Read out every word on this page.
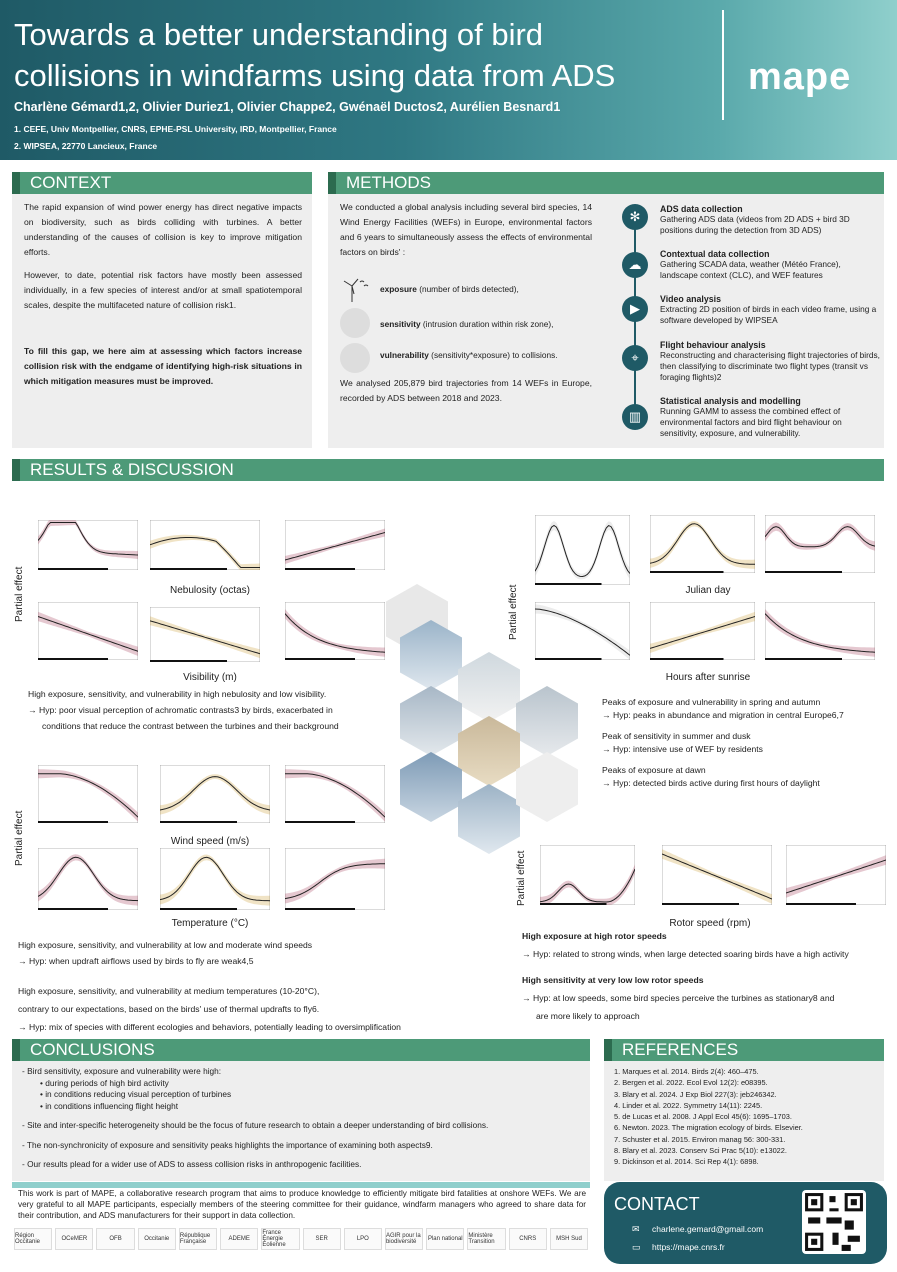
Towards a better understanding of bird
collisions in windfarms using data from ADS
Charlène Gémard1,2, Olivier Duriez1, Olivier Chappe2, Gwénaël Ductos2, Aurélien Besnard1
1. CEFE, Univ Montpellier, CNRS, EPHE-PSL University, IRD, Montpellier, France
2. WIPSEA, 22770 Lancieux, France
mape
CONTEXT
The rapid expansion of wind power energy has direct negative impacts on biodiversity, such as birds colliding with turbines. A better understanding of the causes of collision is key to improve mitigation efforts.
However, to date, potential risk factors have mostly been assessed individually, in a few species of interest and/or at small spatiotemporal scales, despite the multifaceted nature of collision risk1.
To fill this gap, we here aim at assessing which factors increase collision risk with the endgame of identifying high-risk situations in which mitigation measures must be improved.
METHODS
We conducted a global analysis including several bird species, 14 Wind Energy Facilities (WEFs) in Europe, environmental factors and 6 years to simultaneously assess the effects of environmental factors on birds' :
exposure (number of birds detected),
sensitivity (intrusion duration within risk zone),
vulnerability (sensitivity*exposure) to collisions.
We analysed 205,879 bird trajectories from 14 WEFs in Europe, recorded by ADS between 2018 and 2023.
✻
☁
▶
⌖
▥
ADS data collection
Gathering ADS data (videos from 2D ADS + bird 3D positions during the detection from 3D ADS)
Contextual data collection
Gathering SCADA data, weather (Météo France), landscape context (CLC), and WEF features
Video analysis
Extracting 2D position of birds in each video frame, using a software developed by WIPSEA
Flight behaviour analysis
Reconstructing and characterising flight trajectories of birds, then classifying to discriminate two flight types (transit vs foraging flights)2
Statistical analysis and modelling
Running GAMM to assess the combined effect of environmental factors and bird flight behaviour on sensitivity, exposure, and vulnerability.
RESULTS & DISCUSSION
Partial effect	Nebulosity (octas)
Visibility (m)
Partial effect	Julian day
Hours after sunrise
Partial effect	Wind speed (m/s)
Temperature (°C)
Partial effect
Rotor speed (rpm)
High exposure, sensitivity, and vulnerability in high nebulosity and low visibility.
→ Hyp: poor visual perception of achromatic contrasts3 by birds, exacerbated in
conditions that reduce the contrast between the turbines and their background
Peaks of exposure and vulnerability in spring and autumn
→ Hyp: peaks in abundance and migration in central Europe6,7
Peak of sensitivity in summer and dusk
→ Hyp: intensive use of WEF by residents
Peaks of exposure at dawn
→ Hyp: detected birds active during first hours of daylight
High exposure, sensitivity, and vulnerability at low and moderate wind speeds
→ Hyp: when updraft airflows used by birds to fly are weak4,5
High exposure, sensitivity, and vulnerability at medium temperatures (10-20°C),
contrary to our expectations, based on the birds' use of thermal updrafts to fly6.
→ Hyp: mix of species with different ecologies and behaviors, potentially leading to oversimplification
High exposure at high rotor speeds
→ Hyp: related to strong winds, when large detected soaring birds have a high activity
High sensitivity at very low low rotor speeds
→ Hyp: at low speeds, some bird species perceive the turbines as stationary8 and
are more likely to approach
CONCLUSIONS
- Bird sensitivity, exposure and vulnerability were high:
• during periods of high bird activity
• in conditions reducing visual perception of turbines
• in conditions influencing flight height
- Site and inter-specific heterogeneity should be the focus of future research to obtain a deeper understanding of bird collisions.
- The non-synchronicity of exposure and sensitivity peaks highlights the importance of examining both aspects9.
- Our results plead for a wider use of ADS to assess collision risks in anthropogenic facilities.
REFERENCES
1. Marques et al. 2014. Birds 2(4): 460–475.
2. Bergen et al. 2022. Ecol Evol 12(2): e08395.
3. Blary et al. 2024. J Exp Biol 227(3): jeb246342.
4. Linder et al. 2022. Symmetry 14(11): 2245.
5. de Lucas et al. 2008. J Appl Ecol 45(6): 1695–1703.
6. Newton. 2023. The migration ecology of birds. Elsevier.
7. Schuster et al. 2015. Environ manag 56: 300-331.
8. Blary et al. 2023. Conserv Sci Prac 5(10): e13022.
9. Dickinson et al. 2014. Sci Rep 4(1): 6898.
This work is part of MAPE, a collaborative research program that aims to produce knowledge to efficiently mitigate bird fatalities at onshore WEFs. We are very grateful to all MAPE participants, especially members of the steering committee for their guidance, windfarm managers who agreed to share data for their contribution, and ADS manufacturers for their support in data collection.
Région Occitanie	OCeMER	OFB	Occitanie	République Française	ADEME
France Énergie Éolienne
SER	LPO	AGIR pour la biodiversité	Plan national Ministère Transition	CNRS	MSH Sud
CONTACT
✉ charlene.gemard@gmail.com
▭ https://mape.cnrs.fr
